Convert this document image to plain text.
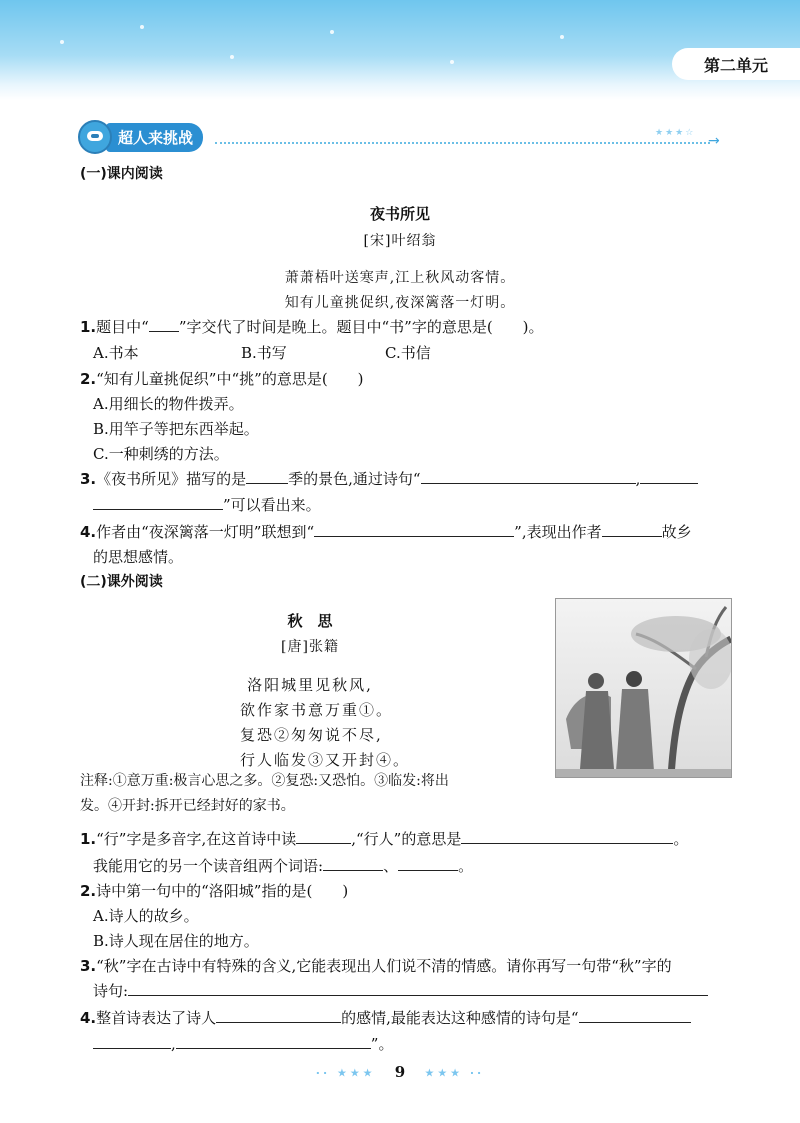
第二单元
超人来挑战	★★★☆ →
(一)课内阅读
夜书所见
[宋]叶绍翁
萧萧梧叶送寒声,江上秋风动客情。
知有儿童挑促织,夜深篱落一灯明。
1.题目中“ ”字交代了时间是晚上。题目中“书”字的意思是(　　)。
A.书本	B.书写	C.书信
2.“知有儿童挑促织”中“挑”的意思是(　　)
A.用细长的物件拨弄。
B.用竿子等把东西举起。
C.一种刺绣的方法。
3.《夜书所见》描写的是	季的景色,通过诗句“	,
”可以看出来。
4.作者由“夜深篱落一灯明”联想到“	”,表现出作者	故乡
的思想感情。
(二)课外阅读
秋　思
[唐]张籍
洛阳城里见秋风,
欲作家书意万重①。
复恐②匆匆说不尽,
行人临发③又开封④。
注释:①意万重:极言心思之多。②复恐:又恐怕。③临发:将出
发。④开封:拆开已经封好的家书。
1.“行”字是多音字,在这首诗中读	,“行人”的意思是	。
我能用它的另一个读音组两个词语:	、	。
2.诗中第一句中的“洛阳城”指的是(　　)
A.诗人的故乡。
B.诗人现在居住的地方。
3.“秋”字在古诗中有特殊的含义,它能表现出人们说不清的情感。请你再写一句带“秋”字的
诗句:
4.整首诗表达了诗人	的感情,最能表达这种感情的诗句是“
,	”。
·· ★★★ 9 ★★★ ··
